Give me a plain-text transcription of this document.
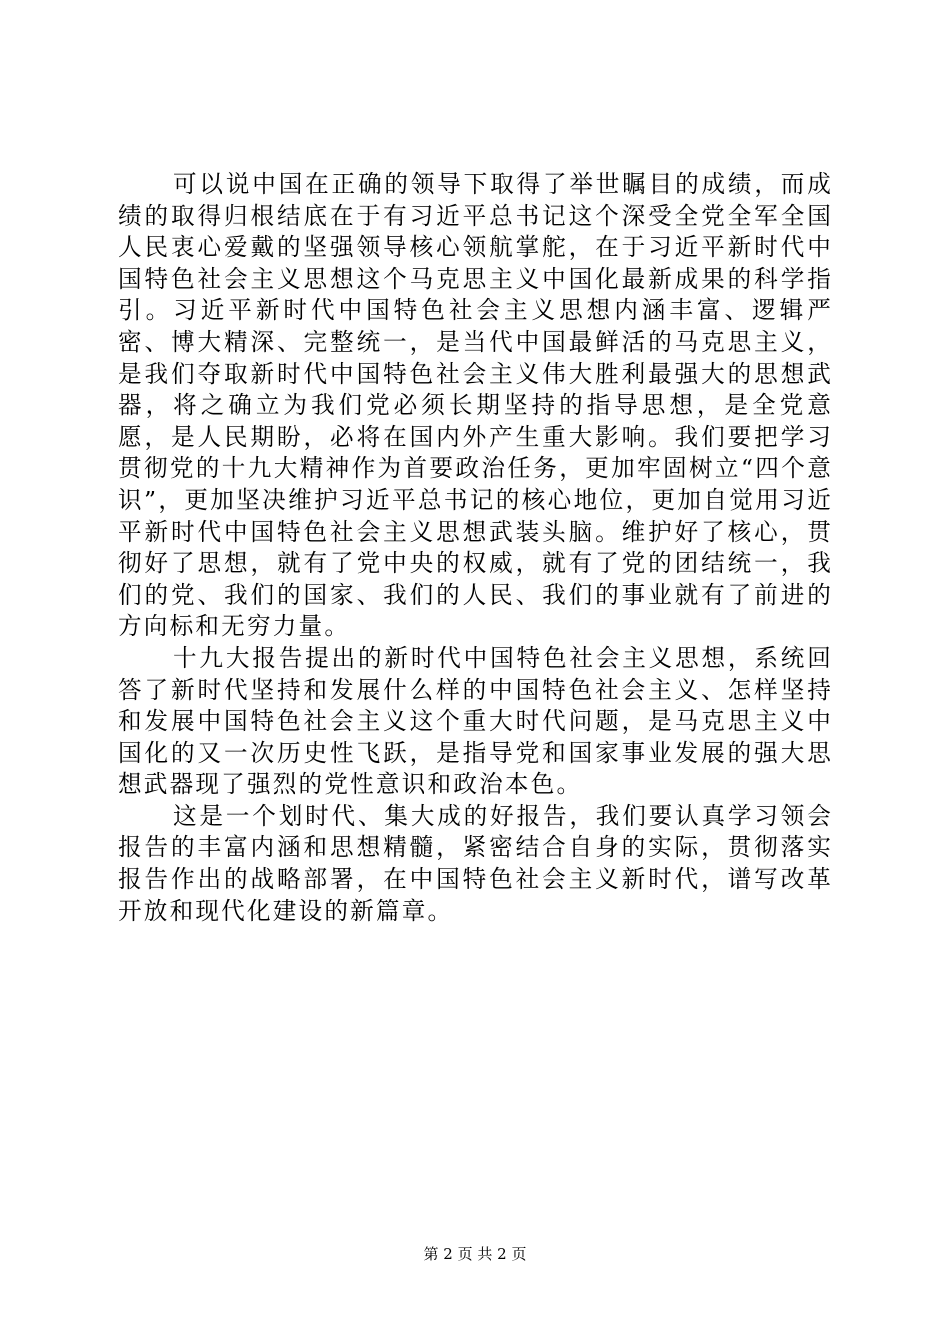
可以说中国在正确的领导下取得了举世瞩目的成绩，而成绩的取得归根结底在于有习近平总书记这个深受全党全军全国人民衷心爱戴的坚强领导核心领航掌舵，在于习近平新时代中国特色社会主义思想这个马克思主义中国化最新成果的科学指引。习近平新时代中国特色社会主义思想内涵丰富、逻辑严密、博大精深、完整统一，是当代中国最鲜活的马克思主义，是我们夺取新时代中国特色社会主义伟大胜利最强大的思想武器，将之确立为我们党必须长期坚持的指导思想，是全党意愿，是人民期盼，必将在国内外产生重大影响。我们要把学习贯彻党的十九大精神作为首要政治任务，更加牢固树立“四个意识”，更加坚决维护习近平总书记的核心地位，更加自觉用习近平新时代中国特色社会主义思想武装头脑。维护好了核心，贯彻好了思想，就有了党中央的权威，就有了党的团结统一，我们的党、我们的国家、我们的人民、我们的事业就有了前进的方向标和无穷力量。

十九大报告提出的新时代中国特色社会主义思想，系统回答了新时代坚持和发展什么样的中国特色社会主义、怎样坚持和发展中国特色社会主义这个重大时代问题，是马克思主义中国化的又一次历史性飞跃，是指导党和国家事业发展的强大思想武器现了强烈的党性意识和政治本色。

这是一个划时代、集大成的好报告，我们要认真学习领会报告的丰富内涵和思想精髓，紧密结合自身的实际，贯彻落实报告作出的战略部署，在中国特色社会主义新时代，谱写改革开放和现代化建设的新篇章。

第 2 页 共 2 页
